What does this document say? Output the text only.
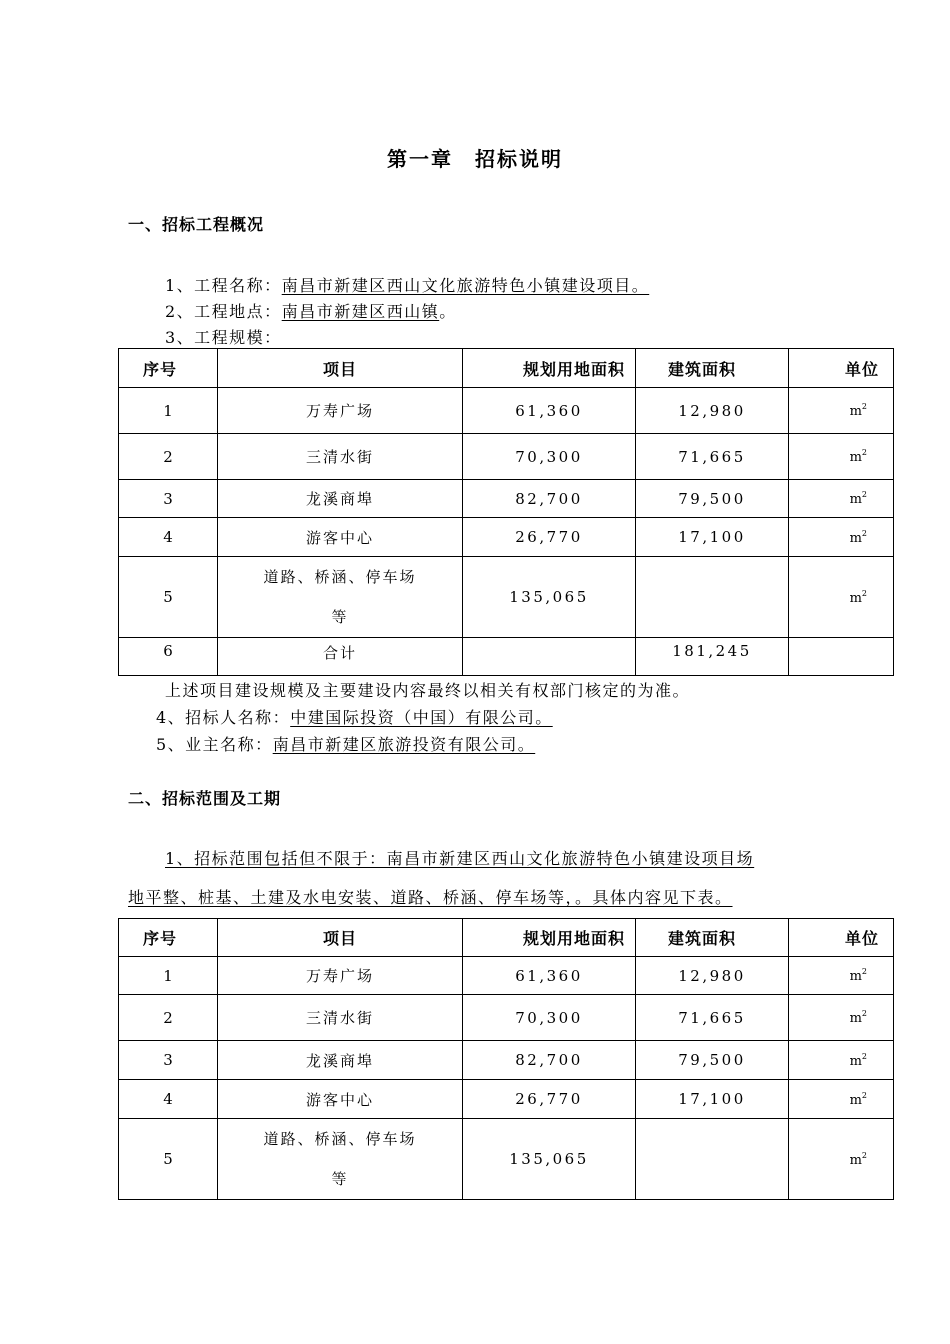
第一章　招标说明
一、招标工程概况
1、工程名称：南昌市新建区西山文化旅游特色小镇建设项目。
2、工程地点：南昌市新建区西山镇。
3、工程规模：
序号	项目	规划用地面积	建筑面积	单位
1	万寿广场	61,360	12,980	$m^2$
2	三清水街	70,300	71,665	$m^2$
3	龙溪商埠	82,700	79,500	$m^2$
4	游客中心	26,770	17,100	$m^2$
5	道路、桥涵、停车场
等	135,065		$m^2$
6	合计		181,245	
上述项目建设规模及主要建设内容最终以相关有权部门核定的为准。
4、招标人名称：中建国际投资（中国）有限公司。
5、业主名称：南昌市新建区旅游投资有限公司。
二、招标范围及工期
1、招标范围包括但不限于：南昌市新建区西山文化旅游特色小镇建设项目场
地平整、桩基、土建及水电安装、道路、桥涵、停车场等，。具体内容见下表。
序号	项目	规划用地面积	建筑面积	单位
1	万寿广场	61,360	12,980	$m^2$
2	三清水街	70,300	71,665	$m^2$
3	龙溪商埠	82,700	79,500	$m^2$
4	游客中心	26,770	17,100	$m^2$
5	道路、桥涵、停车场
等	135,065		$m^2$
